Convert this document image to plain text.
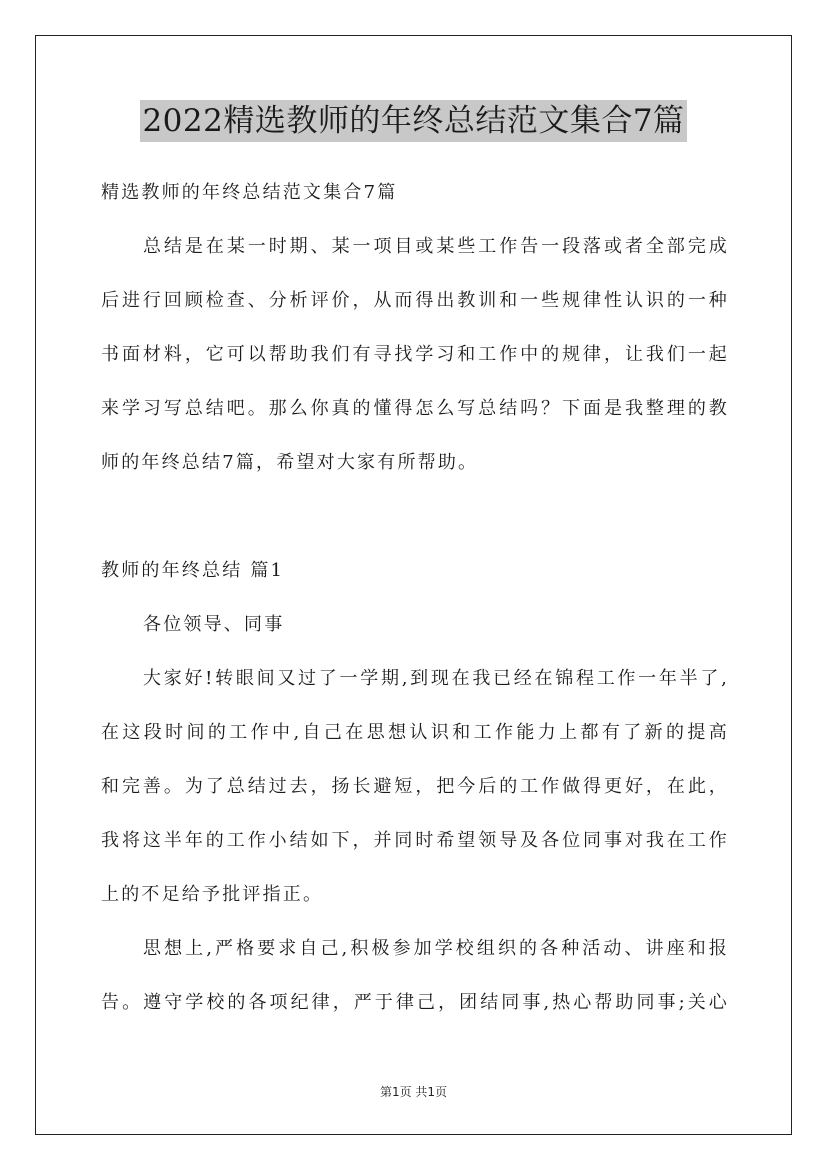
2022精选教师的年终总结范文集合7篇
精选教师的年终总结范文集合7篇
总结是在某一时期、某一项目或某些工作告一段落或者全部完成
后进行回顾检查、分析评价，从而得出教训和一些规律性认识的一种
书面材料，它可以帮助我们有寻找学习和工作中的规律，让我们一起
来学习写总结吧。那么你真的懂得怎么写总结吗？下面是我整理的教
师的年终总结7篇，希望对大家有所帮助。
教师的年终总结 篇1
各位领导、同事
大家好!转眼间又过了一学期,到现在我已经在锦程工作一年半了,
在这段时间的工作中,自己在思想认识和工作能力上都有了新的提高
和完善。为了总结过去，扬长避短，把今后的工作做得更好，在此，
我将这半年的工作小结如下，并同时希望领导及各位同事对我在工作
上的不足给予批评指正。
思想上,严格要求自己,积极参加学校组织的各种活动、讲座和报
告。遵守学校的各项纪律，严于律己，团结同事,热心帮助同事;关心
第1页 共1页
